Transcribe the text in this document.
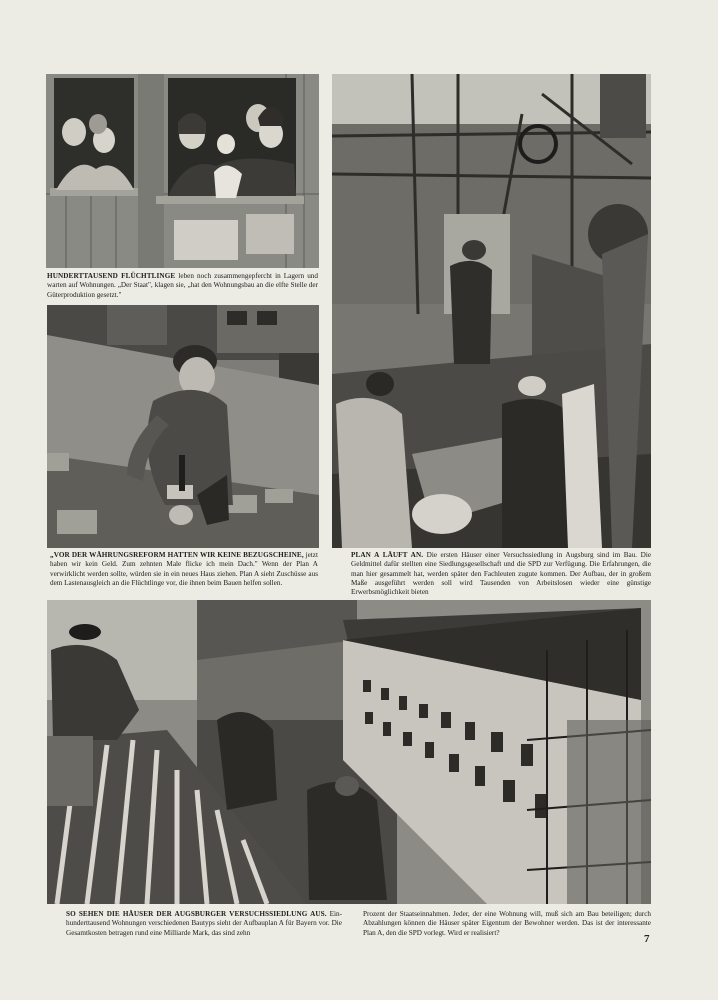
HUNDERTTAUSEND FLÜCHTLINGE leben noch zusammengepfercht in Lagern und warten auf Wohnungen. „Der Staat", klagen sie, „hat den Wohnungsbau an die elfte Stelle der Güterproduktion gesetzt."
„VOR DER WÄHRUNGSREFORM HATTEN WIR KEINE BEZUGSCHEINE, jetzt haben wir kein Geld. Zum zehnten Male flicke ich mein Dach." Wenn der Plan A verwirklicht werden sollte, würden sie in ein neues Haus ziehen. Plan A sieht Zuschüsse aus dem Lastenausgleich an die Flüchtlinge vor, die ihnen beim Bauen helfen sollen.
PLAN A LÄUFT AN. Die ersten Häuser einer Versuchssiedlung in Augsburg sind im Bau. Die Geldmittel dafür stellten eine Siedlungsgesellschaft und die SPD zur Verfügung. Die Erfahrungen, die man hier gesammelt hat, werden später den Fachleuten zugute kommen. Der Aufbau, der in großem Maße ausgeführt werden soll wird Tausenden von Arbeitslosen wieder eine günstige Erwerbsmöglichkeit bieten
SO SEHEN DIE HÄUSER DER AUGSBURGER VERSUCHSSIEDLUNG AUS. Einhunderttausend Wohnungen verschiedenen Bautyps sieht der Aufbauplan A für Bayern vor. Die Gesamtkosten betragen rund eine Milliarde Mark, das sind zehn
Prozent der Staatseinnahmen. Jeder, der eine Wohnung will, muß sich am Bau beteiligen; durch Abzahlungen können die Häuser später Eigentum der Bewohner werden. Das ist der interessante Plan A, den die SPD vorlegt. Wird er realisiert?
7
